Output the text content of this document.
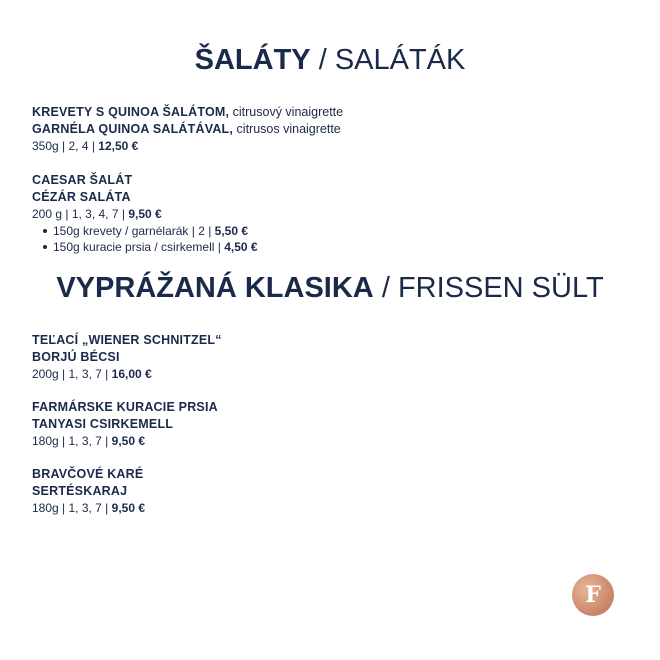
ŠALÁTY / SALÁTÁK
KREVETY S QUINOA ŠALÁTOM, citrusový vinaigrette
GARNÉLA QUINOA SALÁTÁVAL, citrusos vinaigrette
350g | 2, 4 | 12,50 €
CAESAR ŠALÁT
CÉZÁR SALÁTA
200 g | 1, 3, 4, 7 | 9,50 €
150g krevety / garnélarák | 2 | 5,50 €
150g kuracie prsia / csirkemell | 4,50 €
VYPRÁŽANÁ KLASIKA / FRISSEN SÜLT
TEĽACÍ „WIENER SCHNITZEL“
BORJÚ BÉCSI
200g | 1, 3, 7 | 16,00 €
FARMÁRSKE KURACIE PRSIA
TANYASI CSIRKEMELL
180g | 1, 3, 7 | 9,50 €
BRAVČOVÉ KARÉ
SERTÉSKARAJ
180g | 1, 3, 7 | 9,50 €
F
